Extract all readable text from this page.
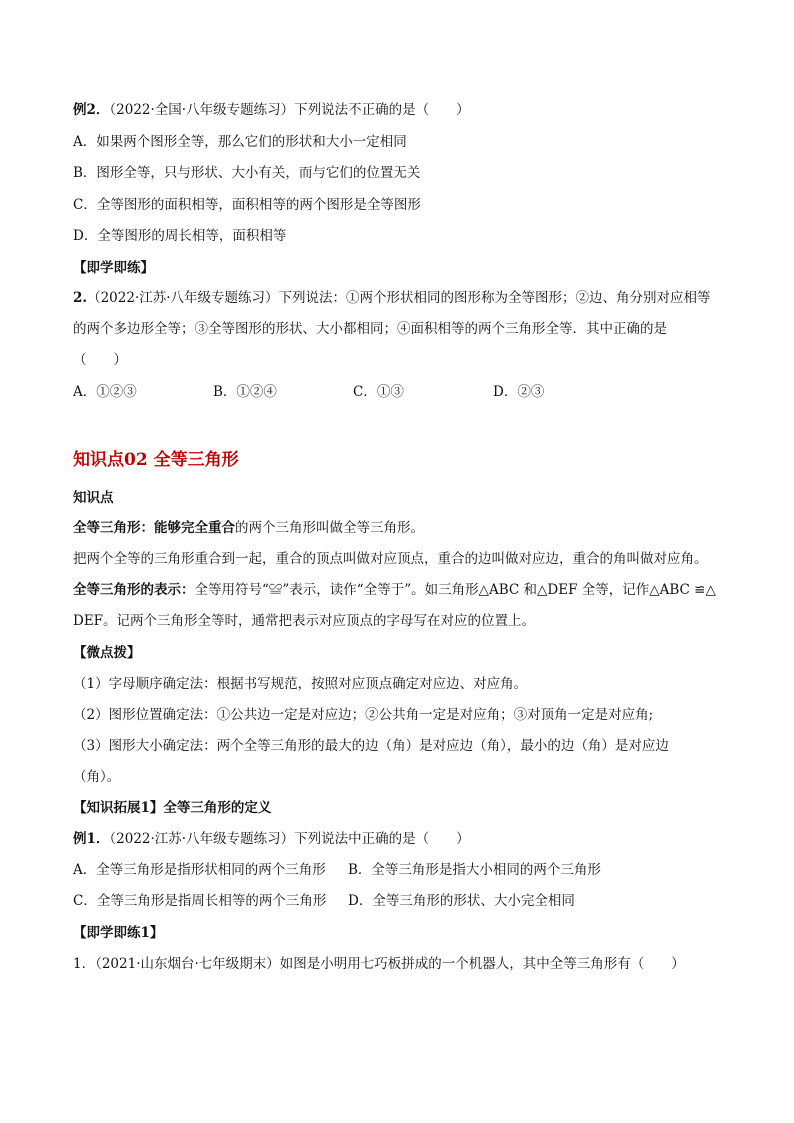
例2．（2022·全国·八年级专题练习）下列说法不正确的是（　　）
A．如果两个图形全等，那么它们的形状和大小一定相同
B．图形全等，只与形状、大小有关，而与它们的位置无关
C．全等图形的面积相等，面积相等的两个图形是全等图形
D．全等图形的周长相等，面积相等
【即学即练】
2.（2022·江苏·八年级专题练习）下列说法：①两个形状相同的图形称为全等图形；②边、角分别对应相等
的两个多边形全等；③全等图形的形状、大小都相同；④面积相等的两个三角形全等．其中正确的是
（　　）
A．①②③	B．①②④	C．①③	D．②③
知识点02 全等三角形
知识点
全等三角形：能够完全重合的两个三角形叫做全等三角形。
把两个全等的三角形重合到一起，重合的顶点叫做对应顶点，重合的边叫做对应边，重合的角叫做对应角。
全等三角形的表示：全等用符号“≌”表示，读作“全等于”。如三角形△ABC 和△DEF 全等，记作△ABC ≌△
DEF。记两个三角形全等时，通常把表示对应顶点的字母写在对应的位置上。
【微点拨】
（1）字母顺序确定法：根据书写规范，按照对应顶点确定对应边、对应角。
（2）图形位置确定法：①公共边一定是对应边；②公共角一定是对应角；③对顶角一定是对应角;
（3）图形大小确定法：两个全等三角形的最大的边（角）是对应边（角），最小的边（角）是对应边
（角）。
【知识拓展1】全等三角形的定义
例1．（2022·江苏·八年级专题练习）下列说法中正确的是（　　）
A．全等三角形是指形状相同的两个三角形	B．全等三角形是指大小相同的两个三角形
C．全等三角形是指周长相等的两个三角形	D．全等三角形的形状、大小完全相同
【即学即练1】
1．（2021·山东烟台·七年级期末）如图是小明用七巧板拼成的一个机器人，其中全等三角形有（　　）
